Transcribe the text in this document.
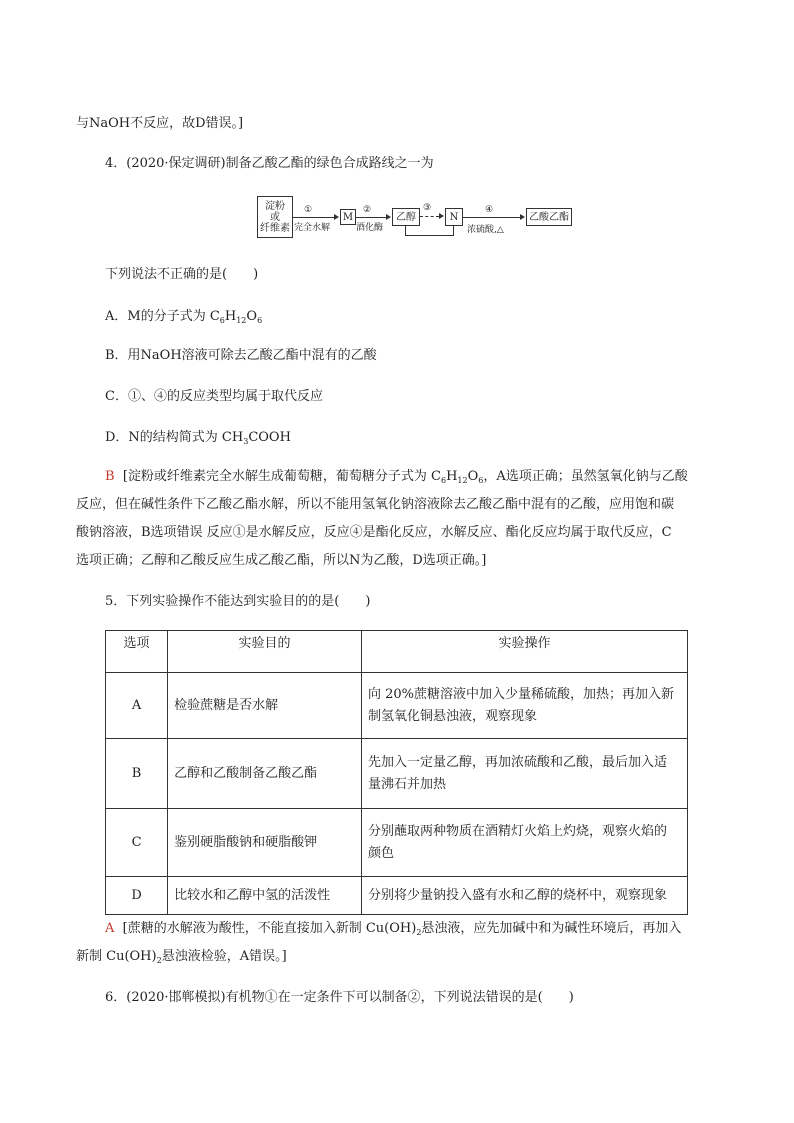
与NaOH不反应，故D错误。]
4．(2020·保定调研)制备乙酸乙酯的绿色合成路线之一为
淀粉
或
纤维素
①
完全水解
M
②
酒化酶
乙醇
③
N
④
浓硫酸,△
乙酸乙酯
下列说法不正确的是(　　)
A．M的分子式为 $C_6H_{12}O_6$
B．用NaOH溶液可除去乙酸乙酯中混有的乙酸
C．①、④的反应类型均属于取代反应
D．N的结构简式为 $CH_3COOH$
B [淀粉或纤维素完全水解生成葡萄糖，葡萄糖分子式为 $C_6H_{12}O_6$，A选项正确；虽然氢氧化钠与乙酸
反应，但在碱性条件下乙酸乙酯水解，所以不能用氢氧化钠溶液除去乙酸乙酯中混有的乙酸，应用饱和碳
酸钠溶液，B选项错误 反应①是水解反应，反应④是酯化反应，水解反应、酯化反应均属于取代反应，C
选项正确；乙醇和乙酸反应生成乙酸乙酯，所以N为乙酸，D选项正确。]
5．下列实验操作不能达到实验目的的是(　　)
选项	实验目的	实验操作
A	检验蔗糖是否水解	向 20%蔗糖溶液中加入少量稀硫酸，加热；再加入新
制氢氧化铜悬浊液，观察现象

B	乙醇和乙酸制备乙酸乙酯	先加入一定量乙醇，再加浓硫酸和乙酸，最后加入适
量沸石并加热

C	鉴别硬脂酸钠和硬脂酸钾	分别蘸取两种物质在酒精灯火焰上灼烧，观察火焰的
颜色

D	比较水和乙醇中氢的活泼性	分别将少量钠投入盛有水和乙醇的烧杯中，观察现象
A [蔗糖的水解液为酸性，不能直接加入新制 $Cu(OH)_2$悬浊液，应先加碱中和为碱性环境后，再加入
新制 $Cu(OH)_2$悬浊液检验，A错误。]
6．(2020·邯郸模拟)有机物①在一定条件下可以制备②，下列说法错误的是(　　)
